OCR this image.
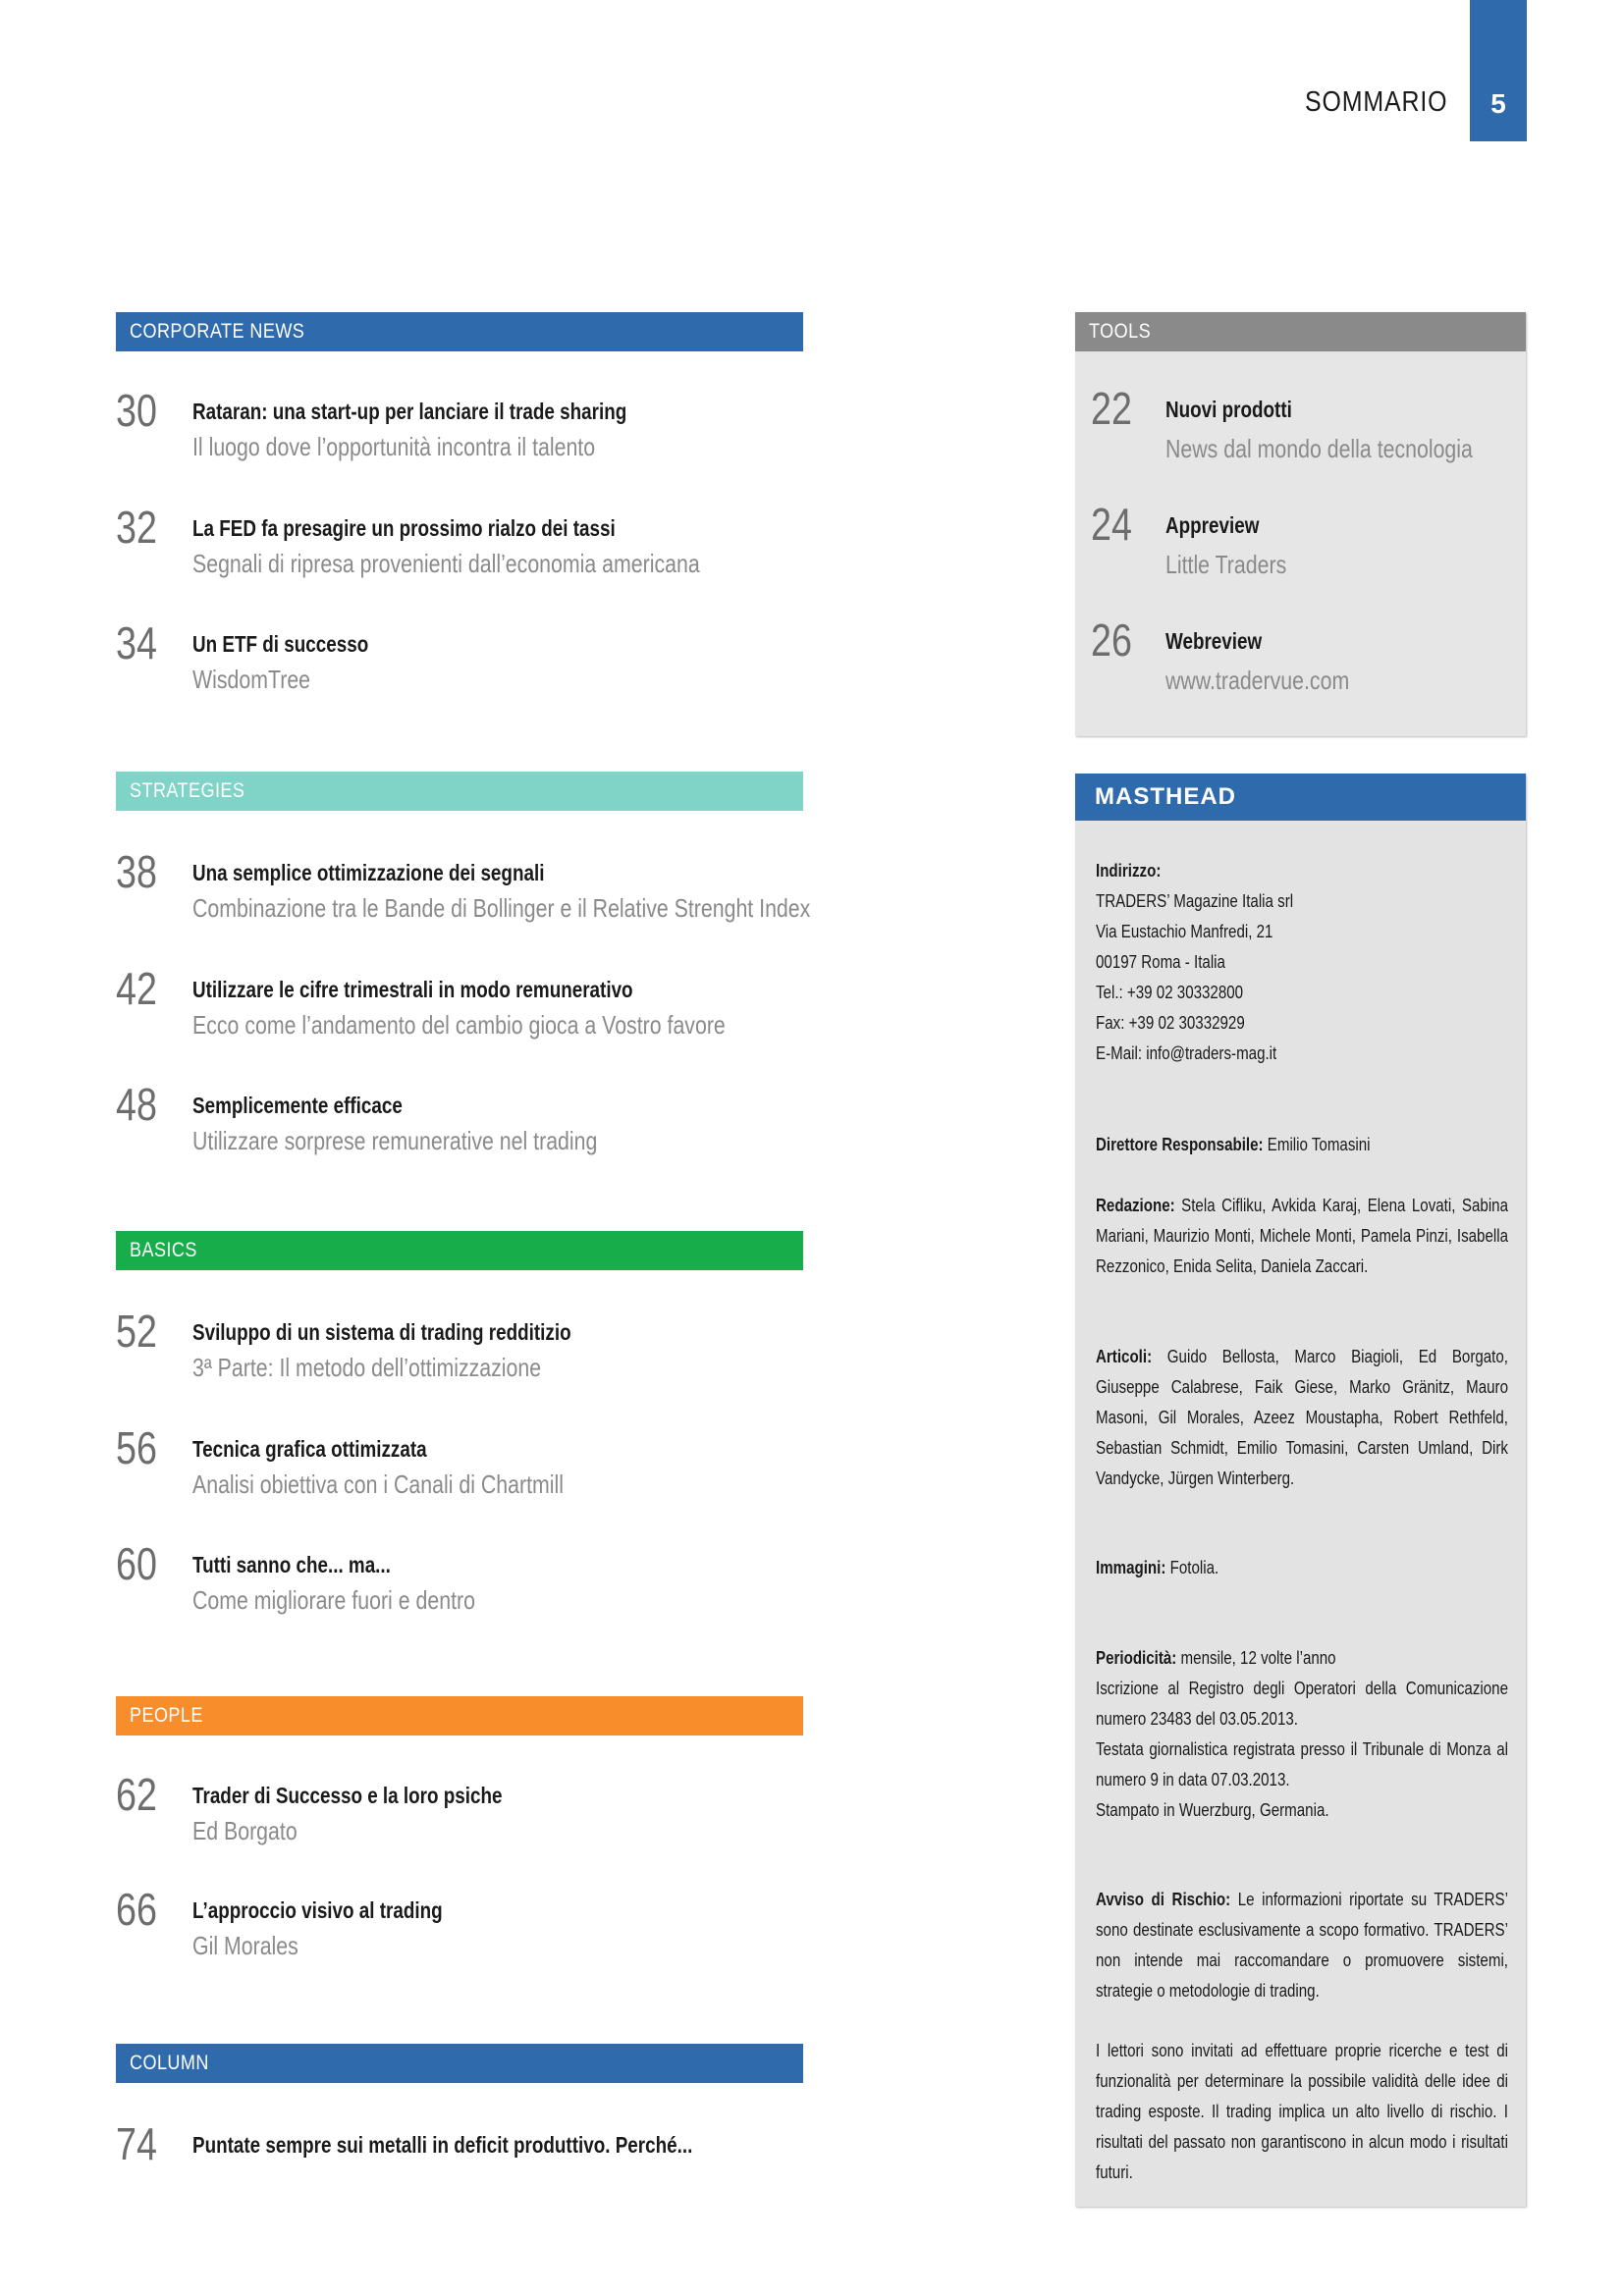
SOMMARIO 5
CORPORATE NEWS
30 Rataran: una start-up per lanciare il trade sharing
Il luogo dove l’opportunità incontra il talento
32 La FED fa presagire un prossimo rialzo dei tassi
Segnali di ripresa provenienti dall’economia americana
34 Un ETF di successo
WisdomTree
STRATEGIES
38 Una semplice ottimizzazione dei segnali
Combinazione tra le Bande di Bollinger e il Relative Strenght Index
42 Utilizzare le cifre trimestrali in modo remunerativo
Ecco come l’andamento del cambio gioca a Vostro favore
48 Semplicemente efficace
Utilizzare sorprese remunerative nel trading
BASICS
52 Sviluppo di un sistema di trading redditizio
3ª Parte: Il metodo dell’ottimizzazione
56 Tecnica grafica ottimizzata
Analisi obiettiva con i Canali di Chartmill
60 Tutti sanno che... ma...
Come migliorare fuori e dentro
PEOPLE
62 Trader di Successo e la loro psiche
Ed Borgato
66 L’approccio visivo al trading
Gil Morales
COLUMN
74 Puntate sempre sui metalli in deficit produttivo. Perché...
TOOLS
22 Nuovi prodotti
News dal mondo della tecnologia
24 Appreview
Little Traders
26 Webreview
www.tradervue.com
MASTHEAD
Indirizzo:
TRADERS’ Magazine Italia srl
Via Eustachio Manfredi, 21
00197 Roma - Italia
Tel.: +39 02 30332800
Fax: +39 02 30332929
E-Mail: info@traders-mag.it
Direttore Responsabile: Emilio Tomasini
Redazione: Stela Cifliku, Avkida Karaj, Elena Lovati, Sabina Mariani, Maurizio Monti, Michele Monti, Pamela Pinzi, Isabella Rezzonico, Enida Selita, Daniela Zaccari.
Articoli: Guido Bellosta, Marco Biagioli, Ed Borgato, Giuseppe Calabrese, Faik Giese, Marko Gränitz, Mauro Masoni, Gil Morales, Azeez Moustapha, Robert Rethfeld, Sebastian Schmidt, Emilio Tomasini, Carsten Umland, Dirk Vandycke, Jürgen Winterberg.
Immagini: Fotolia.
Periodicità: mensile, 12 volte l’anno
Iscrizione al Registro degli Operatori della Comunicazione numero 23483 del 03.05.2013.
Testata giornalistica registrata presso il Tribunale di Monza al numero 9 in data 07.03.2013.
Stampato in Wuerzburg, Germania.
Avviso di Rischio: Le informazioni riportate su TRADERS’ sono destinate esclusivamente a scopo formativo. TRADERS’ non intende mai raccomandare o promuovere sistemi, strategie o metodologie di trading.
I lettori sono invitati ad effettuare proprie ricerche e test di funzionalità per determinare la possibile validità delle idee di trading esposte. Il trading implica un alto livello di rischio. I risultati del passato non garantiscono in alcun modo i risultati futuri.
